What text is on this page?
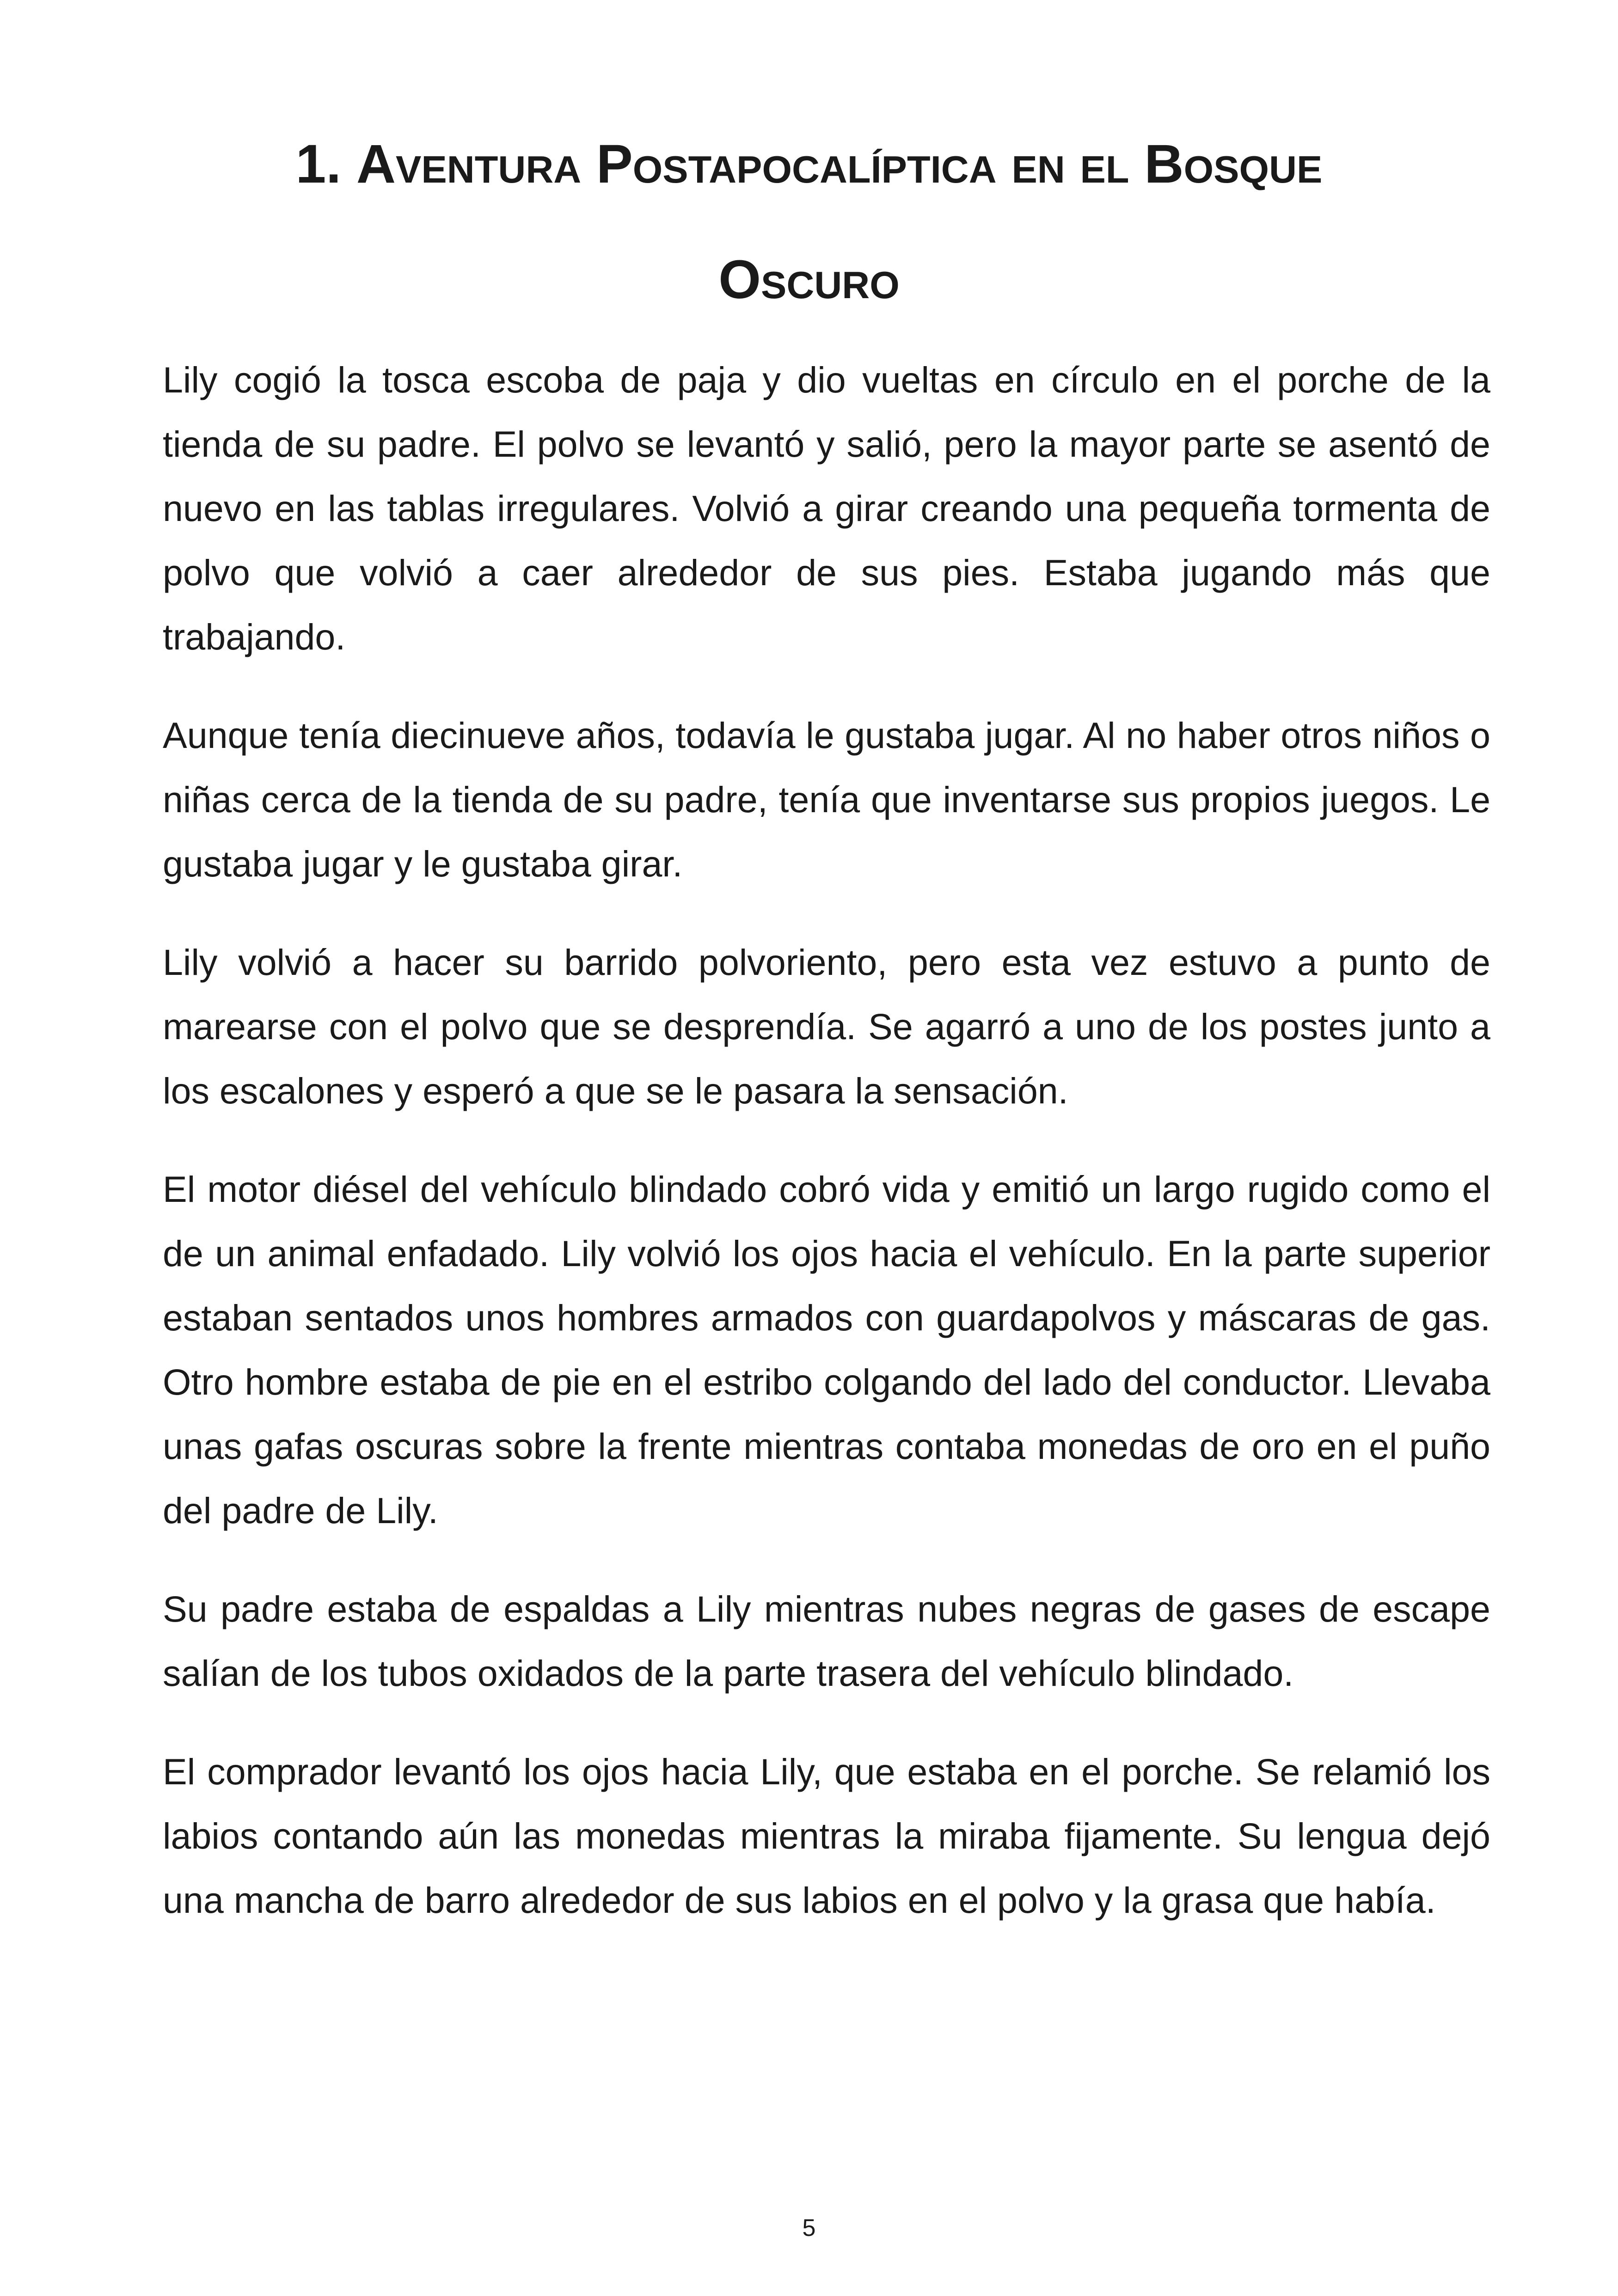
1. Aventura Postapocalíptica en el Bosque
Oscuro

Lily cogió la tosca escoba de paja y dio vueltas en círculo en el porche de la tienda de su padre. El polvo se levantó y salió, pero la mayor parte se asentó de nuevo en las tablas irregulares. Volvió a girar creando una pequeña tormenta de polvo que volvió a caer alrededor de sus pies. Estaba jugando más que trabajando.

Aunque tenía diecinueve años, todavía le gustaba jugar. Al no haber otros niños o niñas cerca de la tienda de su padre, tenía que inventarse sus propios juegos. Le gustaba jugar y le gustaba girar.

Lily volvió a hacer su barrido polvoriento, pero esta vez estuvo a punto de marearse con el polvo que se desprendía. Se agarró a uno de los postes junto a los escalones y esperó a que se le pasara la sensación.

El motor diésel del vehículo blindado cobró vida y emitió un largo rugido como el de un animal enfadado. Lily volvió los ojos hacia el vehículo. En la parte superior estaban sentados unos hombres armados con guardapolvos y máscaras de gas. Otro hombre estaba de pie en el estribo colgando del lado del conductor. Llevaba unas gafas oscuras sobre la frente mientras contaba monedas de oro en el puño del padre de Lily.

Su padre estaba de espaldas a Lily mientras nubes negras de gases de escape salían de los tubos oxidados de la parte trasera del vehículo blindado.

El comprador levantó los ojos hacia Lily, que estaba en el porche. Se relamió los labios contando aún las monedas mientras la miraba fijamente. Su lengua dejó una mancha de barro alrededor de sus labios en el polvo y la grasa que había.

5
